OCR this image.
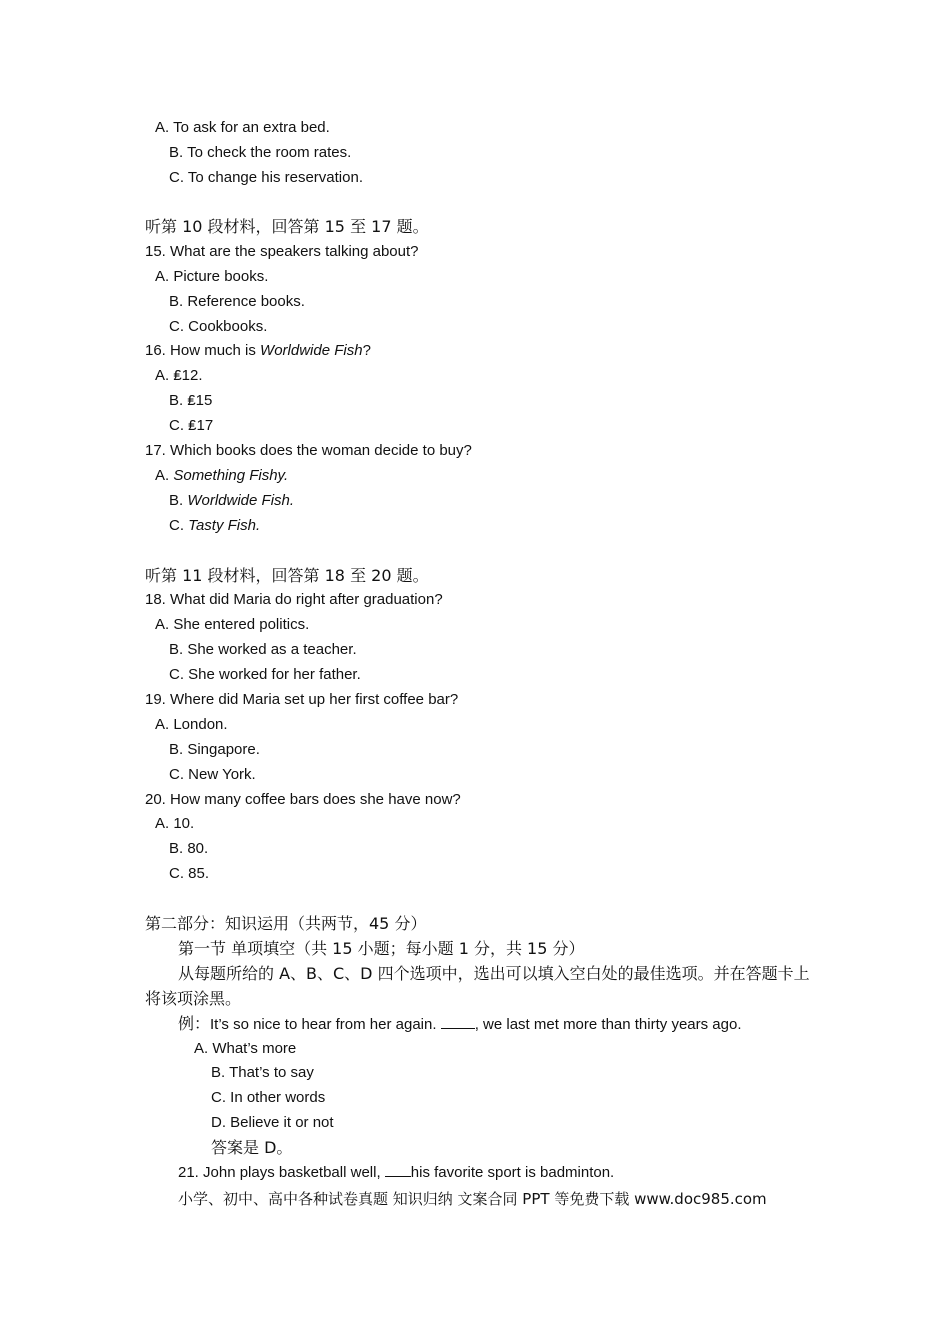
A. To ask for an extra bed.
B. To check the room rates.
C. To change his reservation.
听第 10 段材料，回答第 15 至 17 题。
15. What are the speakers talking about?
A. Picture books.
B. Reference books.
C. Cookbooks.
16. How much is Worldwide Fish?
A. ₤12.
B. ₤15
C. ₤17
17. Which books does the woman decide to buy?
A. Something Fishy.
B. Worldwide Fish.
C. Tasty Fish.
听第 11 段材料，回答第 18 至 20 题。
18. What did Maria do right after graduation?
A. She entered politics.
B. She worked as a teacher.
C. She worked for her father.
19. Where did Maria set up her first coffee bar?
A. London.
B. Singapore.
C. New York.
20. How many coffee bars does she have now?
A. 10.
B. 80.
C. 85.
第二部分：知识运用（共两节，45 分）
第一节 单项填空（共 15 小题；每小题 1 分，共 15 分）
从每题所给的 A、B、C、D 四个选项中，选出可以填入空白处的最佳选项。并在答题卡上将该项涂黑。
例：It’s so nice to hear from her again. , we last met more than thirty years ago.
A. What’s more
B. That’s to say
C. In other words
D. Believe it or not
答案是 D。
21. John plays basketball well, his favorite sport is badminton.
小学、初中、高中各种试卷真题 知识归纳 文案合同 PPT 等免费下载 www.doc985.com
